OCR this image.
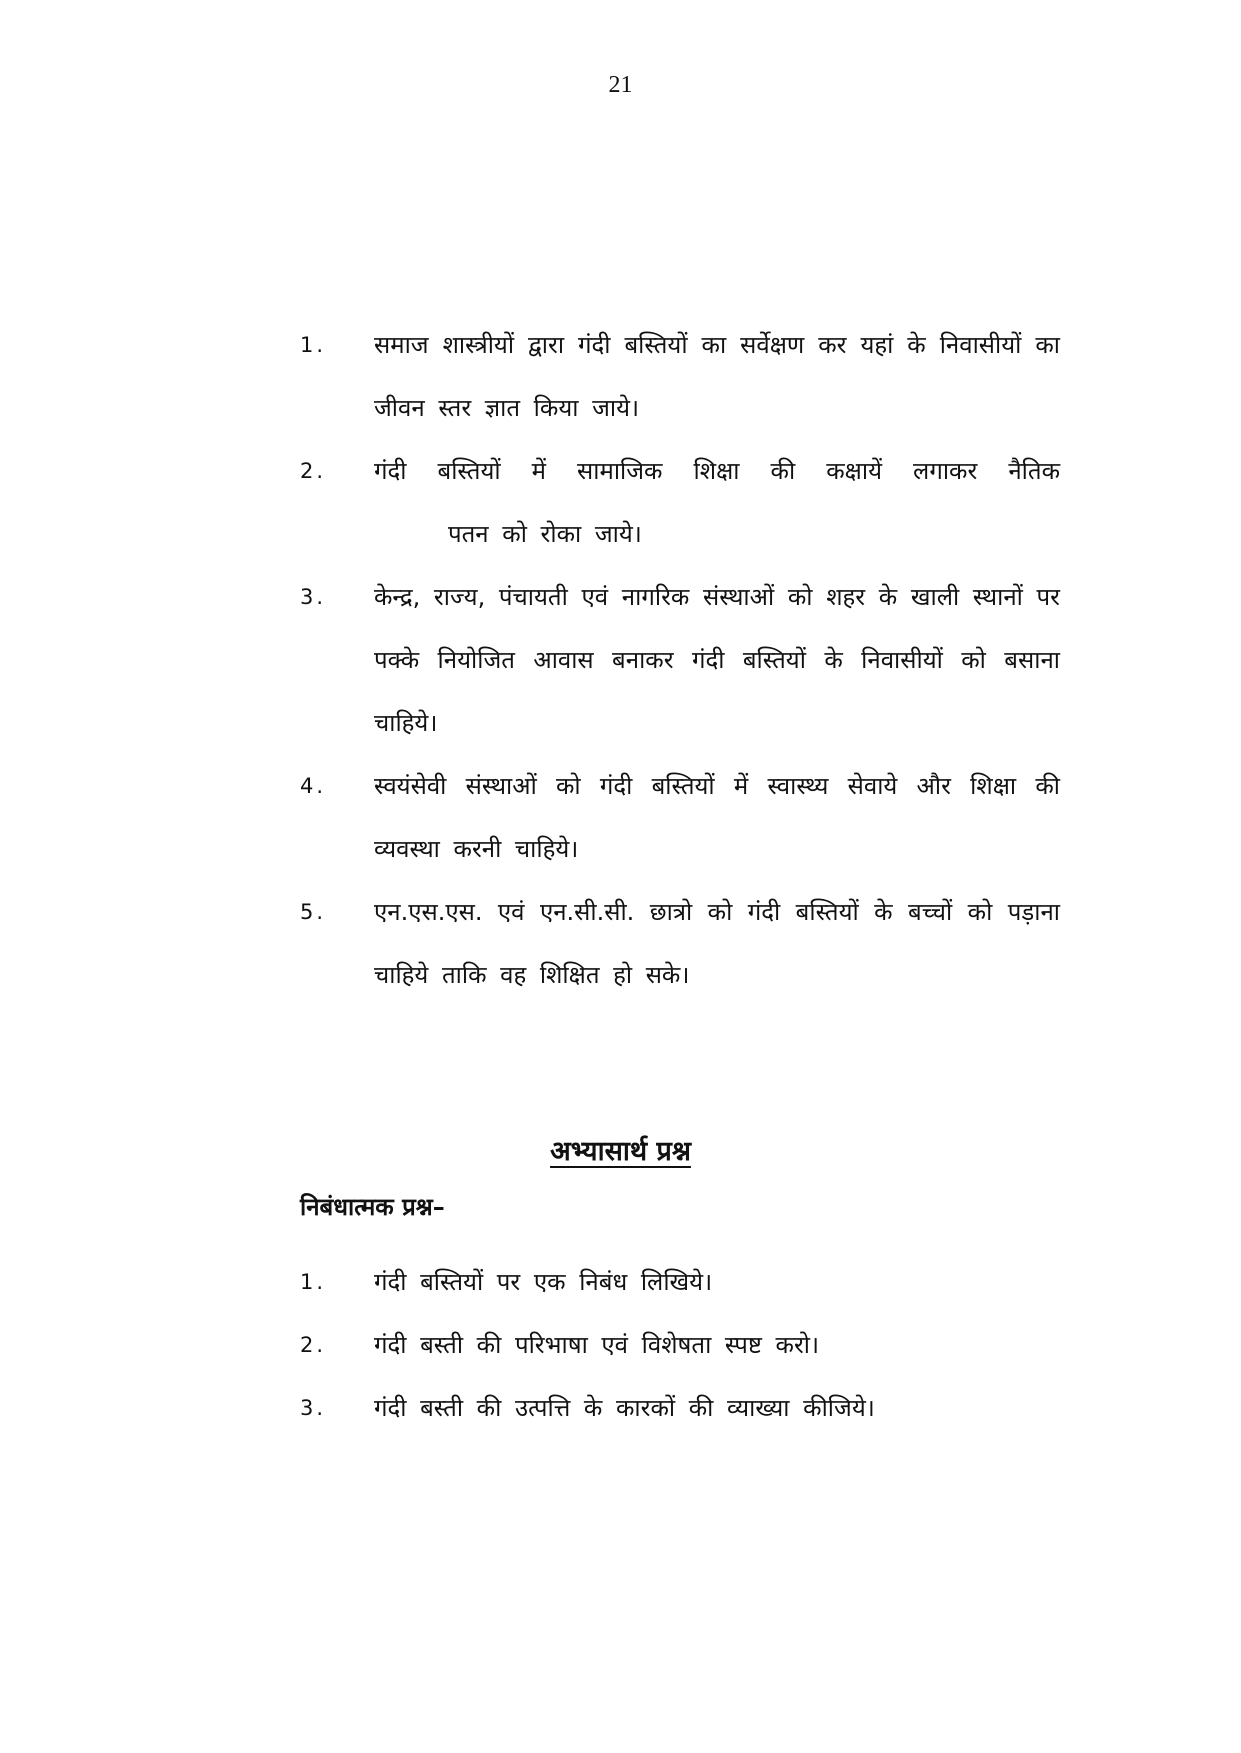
21
1.	समाज शास्त्रीयों द्वारा गंदी बस्तियों का सर्वेक्षण कर यहां के निवासीयों का जीवन स्तर ज्ञात किया जाये।
2.	गंदी बस्तियों में सामाजिक शिक्षा की कक्षायें लगाकर नैतिक
पतन को रोका जाये।
3.	केन्द्र, राज्य, पंचायती एवं नागरिक संस्थाओं को शहर के खाली स्थानों पर पक्के नियोजित आवास बनाकर गंदी बस्तियों के निवासीयों को बसाना चाहिये।
4.	स्वयंसेवी संस्थाओं को गंदी बस्तियों में स्वास्थ्य सेवाये और शिक्षा की व्यवस्था करनी चाहिये।
5.	एन.एस.एस. एवं एन.सी.सी. छात्रो को गंदी बस्तियों के बच्चों को पड़ाना चाहिये ताकि वह शिक्षित हो सके।
अभ्यासार्थ प्रश्न
निबंधात्मक प्रश्न–
1.	गंदी बस्तियों पर एक निबंध लिखिये।
2.	गंदी बस्ती की परिभाषा एवं विशेषता स्पष्ट करो।
3.	गंदी बस्ती की उत्पत्ति के कारकों की व्याख्या कीजिये।
